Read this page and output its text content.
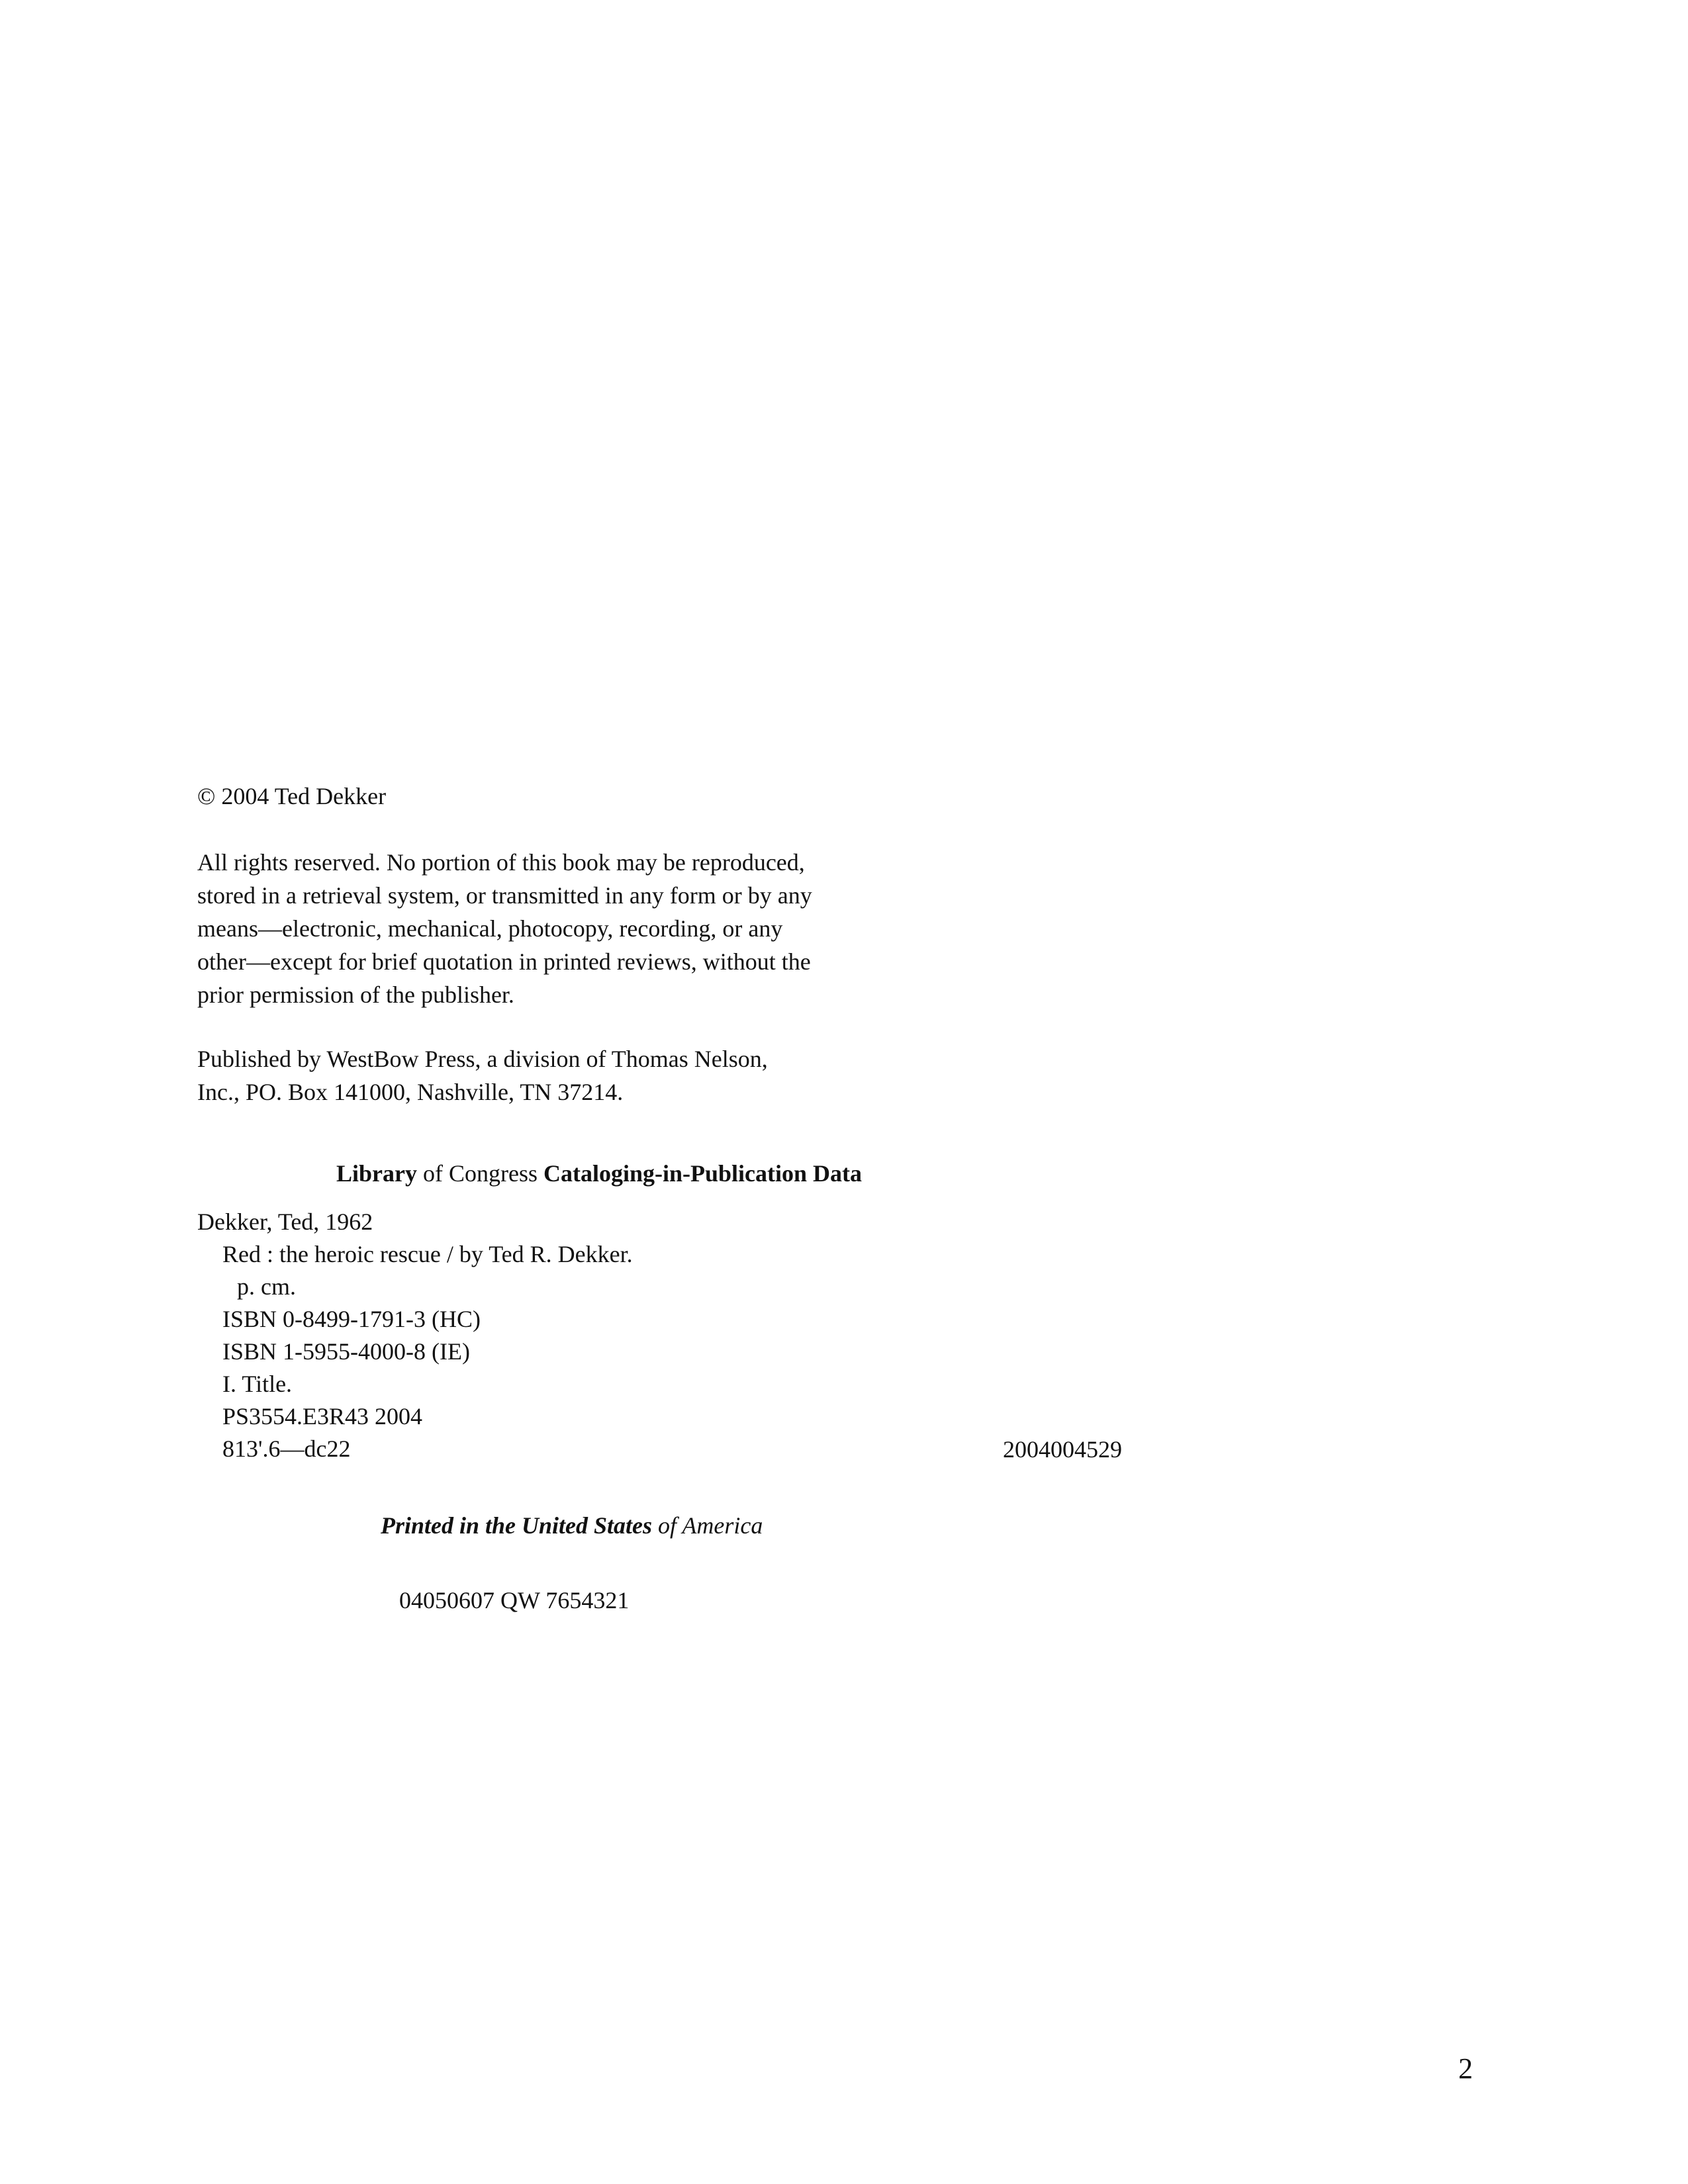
© 2004 Ted Dekker

All rights reserved. No portion of this book may be reproduced,
stored in a retrieval system, or transmitted in any form or by any
means—electronic, mechanical, photocopy, recording, or any
other—except for brief quotation in printed reviews, without the
prior permission of the publisher.
Published by WestBow Press, a division of Thomas Nelson,
Inc., PO. Box 141000, Nashville, TN 37214.
Library of Congress Cataloging-in-Publication Data
Dekker, Ted, 1962
Red : the heroic rescue / by Ted R. Dekker.
p. cm.
ISBN 0-8499-1791-3 (HC)
ISBN 1-5955-4000-8 (IE)
I. Title.
PS3554.E3R43 2004
813'.6—dc22	2004004529
Printed in the United States of America
04050607 QW 7654321
2
